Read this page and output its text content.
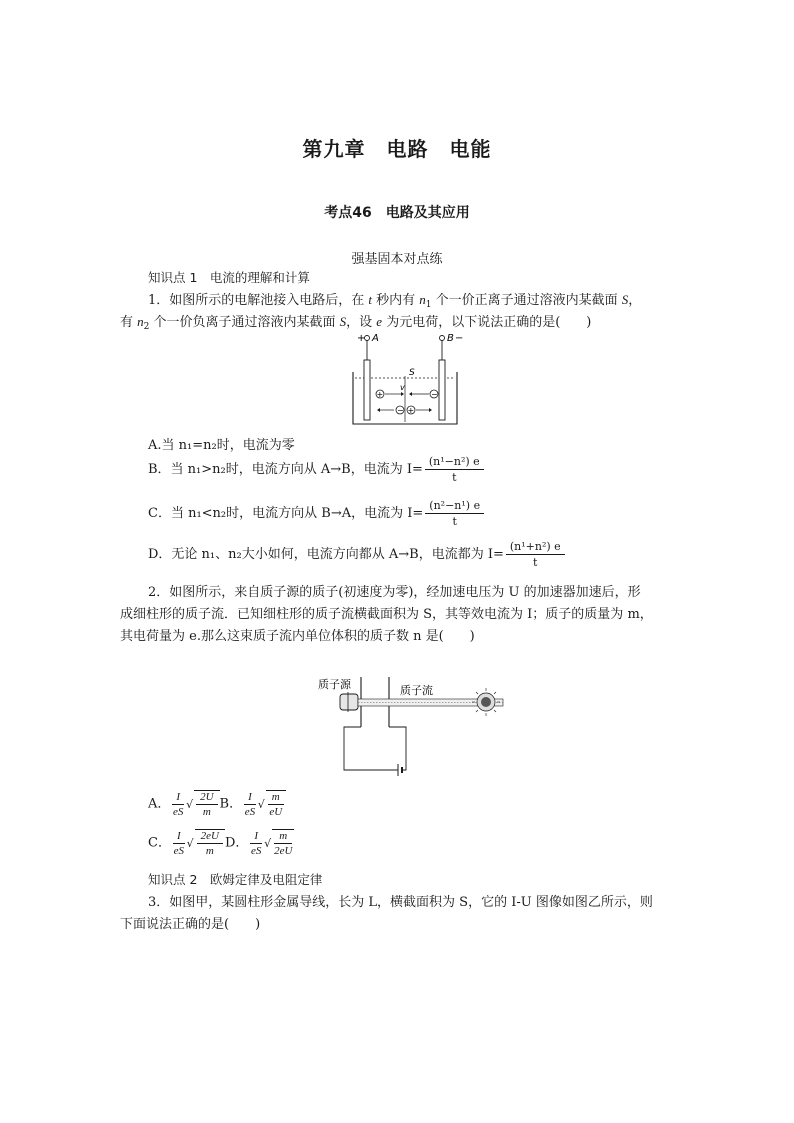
第九章　电路　电能
考点46　电路及其应用
强基固本对点练
知识点 1　电流的理解和计算
1．如图所示的电解池接入电路后，在 t 秒内有 $n_1$ 个一价正离子通过溶液内某截面 S，
有 $n_2$ 个一价负离子通过溶液内某截面 S，设 e 为元电荷，以下说法正确的是(　　)
+ A	B −
S
v
+	−
− +
A.当 n₁=n₂时，电流为零
B．当 n₁>n₂时，电流方向从 A→B，电流为 $I= \frac{\text{(n¹−n²) e}}{t}$
C．当 n₁<n₂时，电流方向从 B→A，电流为 $I= \frac{\text{(n²−n¹) e}}{t}$
D．无论 n₁、n₂大小如何，电流方向都从 A→B，电流都为 $I= \frac{\text{(n¹+n²) e}}{t}$
2．如图所示，来自质子源的质子(初速度为零)，经加速电压为 U 的加速器加速后，形
成细柱形的质子流．已知细柱形的质子流横截面积为 S，其等效电流为 I；质子的质量为 m，
其电荷量为 e.那么这束质子流内单位体积的质子数 n 是(　　)
质子源	质子流
A． $\frac{I}{eS}$ √ $\frac{2U}{m}$ B． $\frac{I}{eS}$ √ $\frac{m}{eU}$
C． $\frac{I}{eS}$ √ $\frac{2eU}{m}$ D． $\frac{I}{eS}$ √ $\frac{m}{2eU}$
知识点 2　欧姆定律及电阻定律
3．如图甲，某圆柱形金属导线，长为 L，横截面积为 S，它的 I-U 图像如图乙所示，则
下面说法正确的是(　　)
